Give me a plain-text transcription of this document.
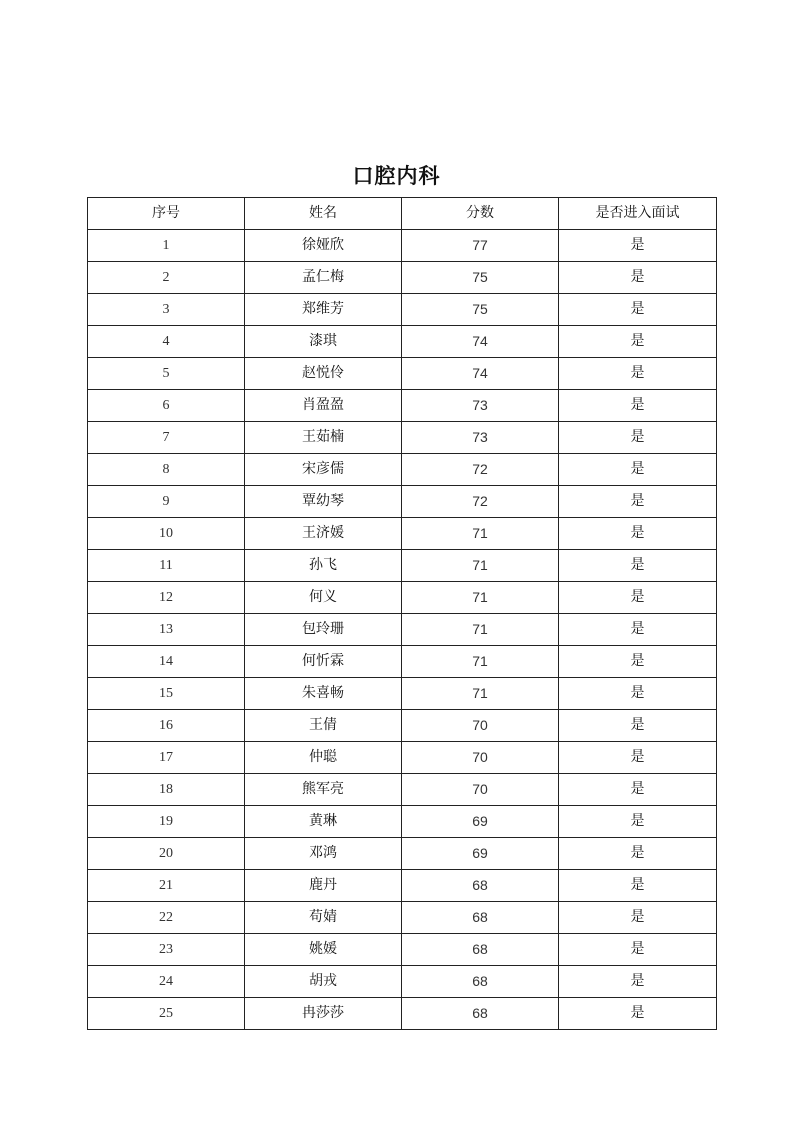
口腔内科
序号	姓名	分数	是否进入面试
1	徐娅欣	77	是
2	孟仁梅	75	是
3	郑维芳	75	是
4	漆琪	74	是
5	赵悦伶	74	是
6	肖盈盈	73	是
7	王茹楠	73	是
8	宋彦儒	72	是
9	覃幼琴	72	是
10	王济媛	71	是
11	孙飞	71	是
12	何义	71	是
13	包玲珊	71	是
14	何忻霖	71	是
15	朱喜畅	71	是
16	王倩	70	是
17	仲聪	70	是
18	熊军亮	70	是
19	黄琳	69	是
20	邓鸿	69	是
21	鹿丹	68	是
22	苟婧	68	是
23	姚媛	68	是
24	胡戎	68	是
25	冉莎莎	68	是
